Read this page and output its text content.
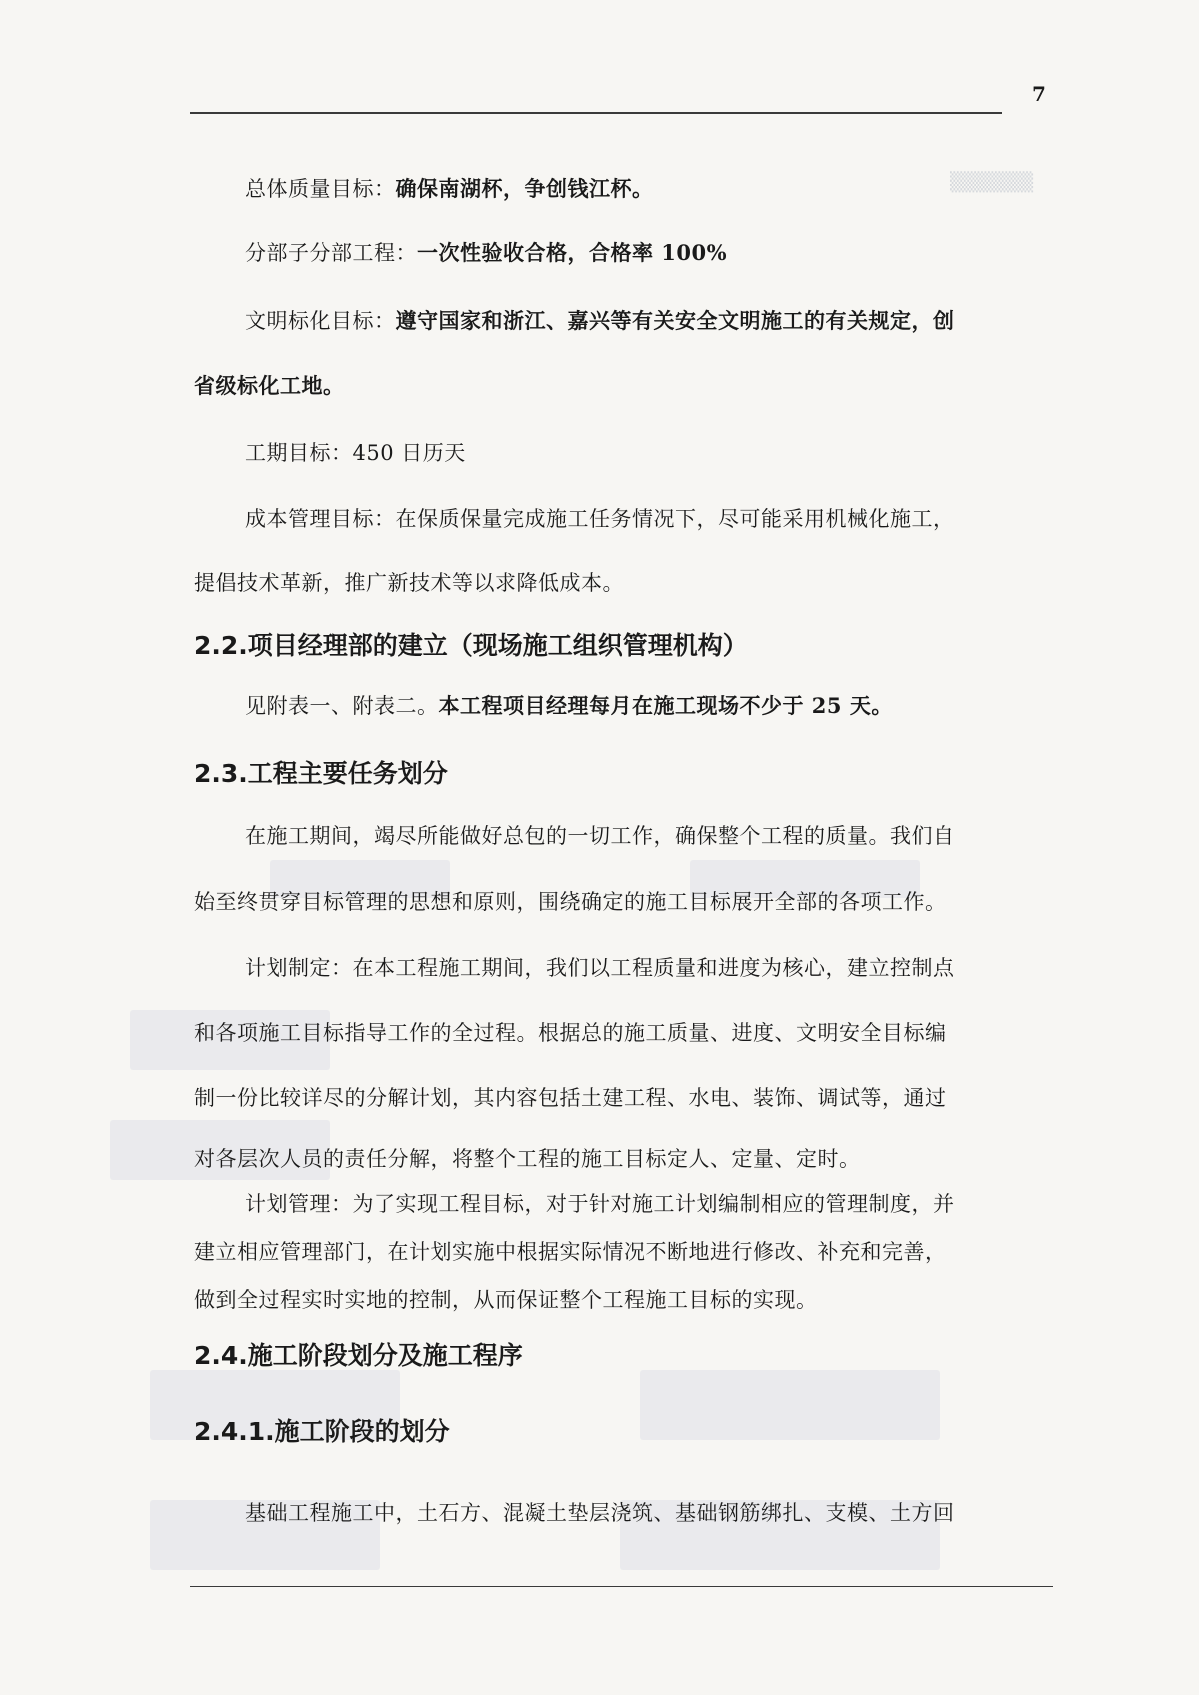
▒▒▒▒▒▒
7
总体质量目标：确保南湖杯，争创钱江杯。
分部子分部工程：一次性验收合格，合格率 100%
文明标化目标：遵守国家和浙江、嘉兴等有关安全文明施工的有关规定，创
省级标化工地。
工期目标：450 日历天
成本管理目标：在保质保量完成施工任务情况下，尽可能采用机械化施工，
提倡技术革新，推广新技术等以求降低成本。
2.2.项目经理部的建立（现场施工组织管理机构）
见附表一、附表二。本工程项目经理每月在施工现场不少于 25 天。
2.3.工程主要任务划分
在施工期间，竭尽所能做好总包的一切工作，确保整个工程的质量。我们自
始至终贯穿目标管理的思想和原则，围绕确定的施工目标展开全部的各项工作。
计划制定：在本工程施工期间，我们以工程质量和进度为核心，建立控制点
和各项施工目标指导工作的全过程。根据总的施工质量、进度、文明安全目标编
制一份比较详尽的分解计划，其内容包括土建工程、水电、装饰、调试等，通过
对各层次人员的责任分解，将整个工程的施工目标定人、定量、定时。
计划管理：为了实现工程目标，对于针对施工计划编制相应的管理制度，并
建立相应管理部门，在计划实施中根据实际情况不断地进行修改、补充和完善，
做到全过程实时实地的控制，从而保证整个工程施工目标的实现。
2.4.施工阶段划分及施工程序
2.4.1.施工阶段的划分
基础工程施工中，土石方、混凝土垫层浇筑、基础钢筋绑扎、支模、土方回
